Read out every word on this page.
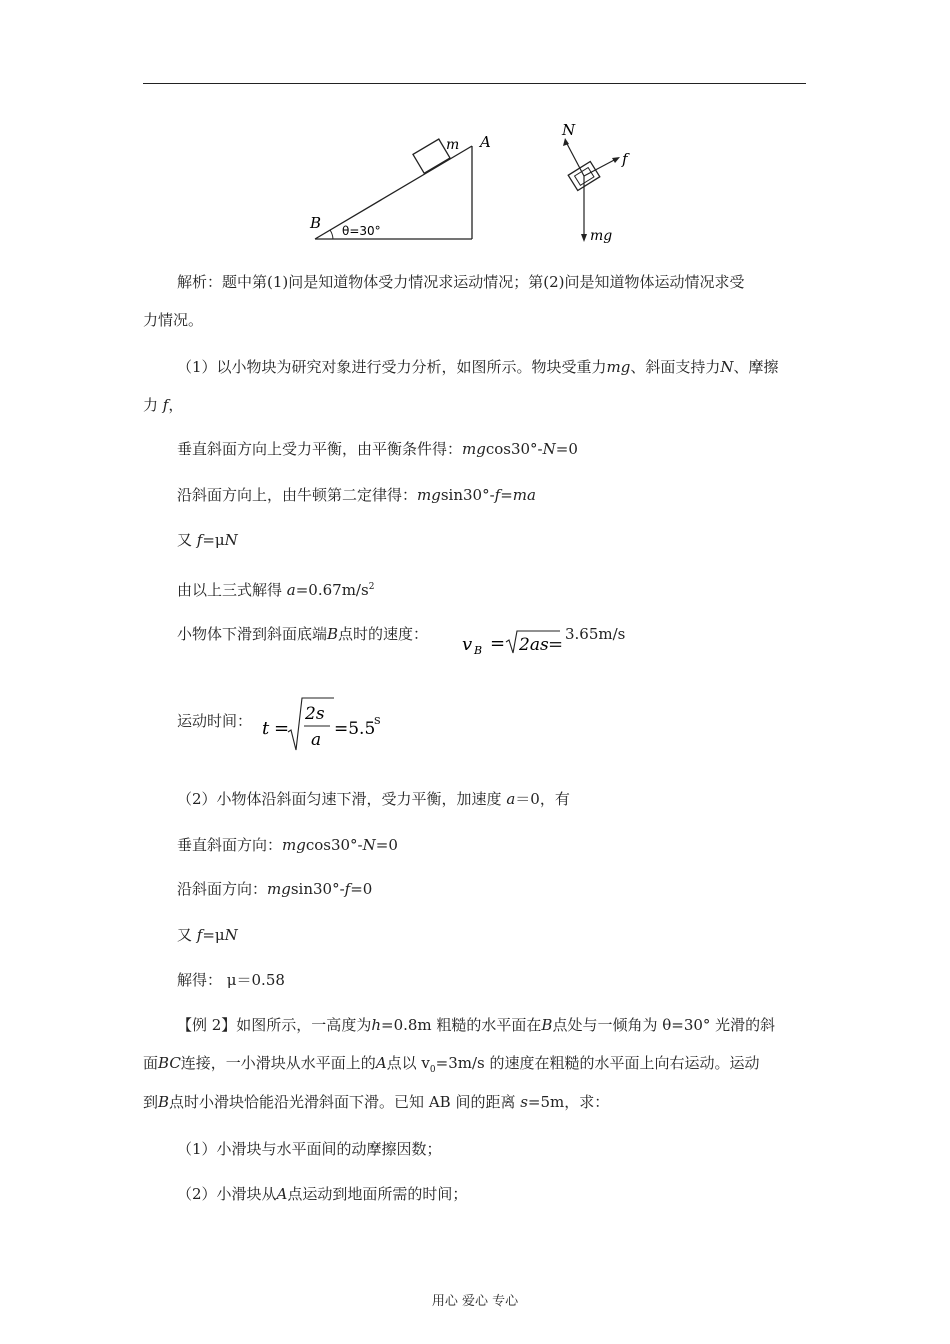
m A
B θ=30°
N
f
mg
解析：题中第(1)问是知道物体受力情况求运动情况；第(2)问是知道物体运动情况求受
力情况。
（1）以小物块为研究对象进行受力分析，如图所示。物块受重力mg、斜面支持力N、摩擦
力 f，
垂直斜面方向上受力平衡，由平衡条件得：mgcos30°-N=0
沿斜面方向上，由牛顿第二定律得：mgsin30°-f=ma
又 f=μN
由以上三式解得 $a=0.67m/s^2$
小物体下滑到斜面底端B点时的速度： v B = 2as = 3.65m/s
运动时间： t =
2s
a
=5.5
s
（2）小物体沿斜面匀速下滑，受力平衡，加速度 a＝0，有
垂直斜面方向：mgcos30°-N=0
沿斜面方向：mgsin30°-f=0
又 f=μN
解得： μ＝0.58
【例 2】如图所示，一高度为h=0.8m 粗糙的水平面在B点处与一倾角为 θ=30° 光滑的斜
面BC连接，一小滑块从水平面上的A点以 $v_0=3m/s$ 的速度在粗糙的水平面上向右运动。运动
到B点时小滑块恰能沿光滑斜面下滑。已知 AB 间的距离 s=5m，求：
（1）小滑块与水平面间的动摩擦因数；
（2）小滑块从A点运动到地面所需的时间；
用心 爱心 专心
